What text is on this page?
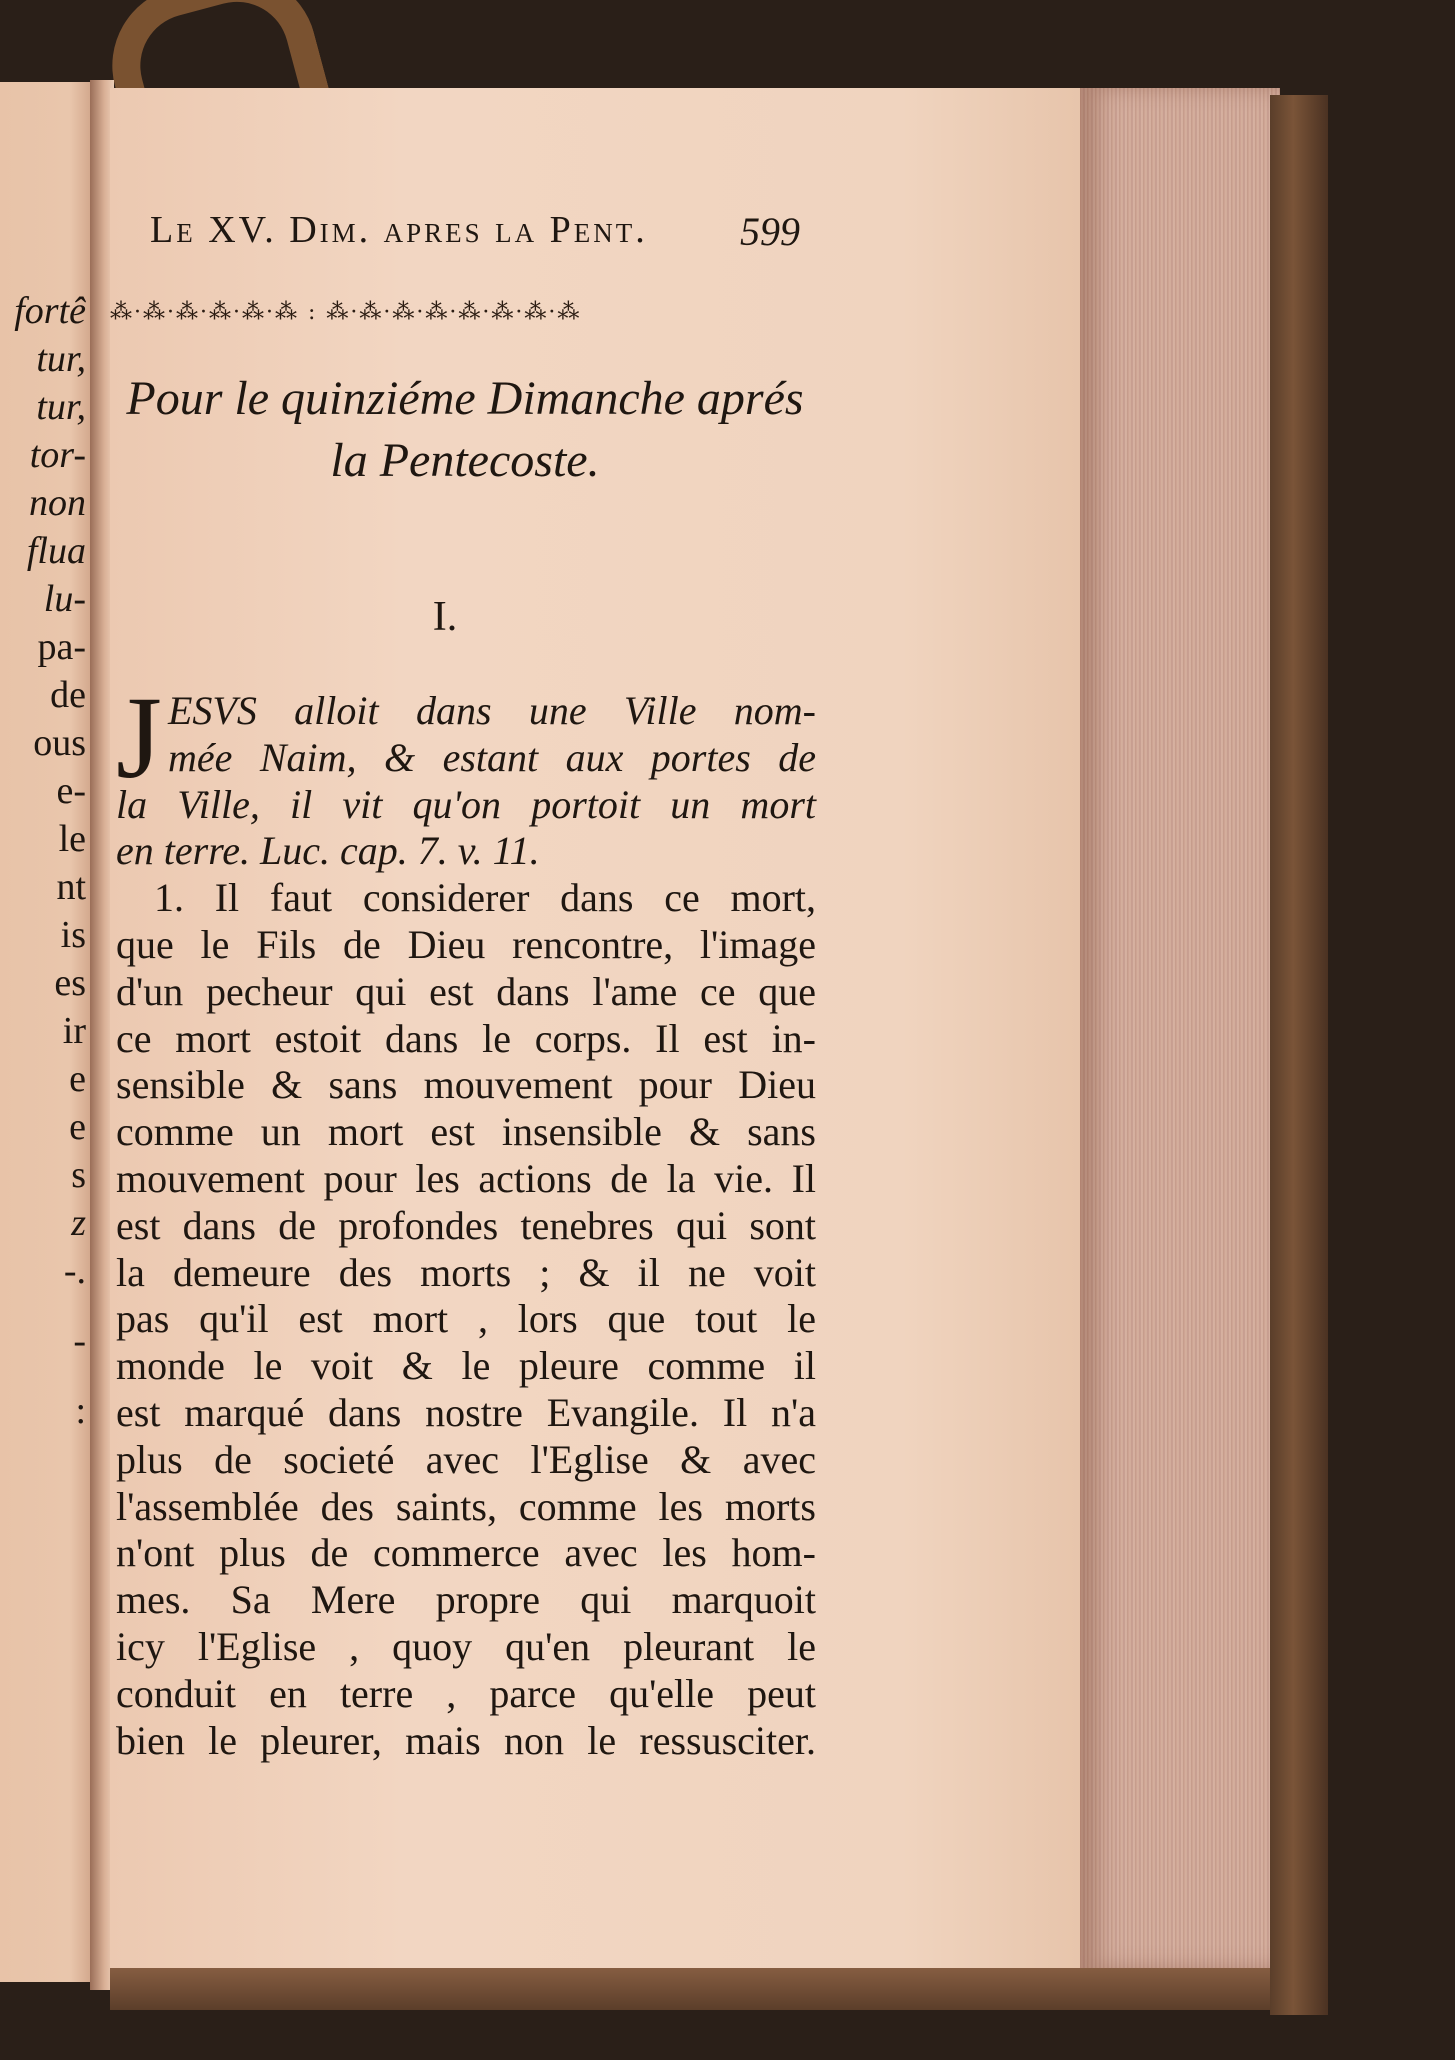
fortê
tur,
tur,
tor-
non
flua
lu-
pa-
de
ous
e-
le
nt
is
es
ir
e
e
s
z
-.
-
:
Le XV. Dim. apres la Pent.	599
⁂·⁂·⁂·⁂·⁂·⁂ : ⁂·⁂·⁂·⁂·⁂·⁂·⁂·⁂
Pour le quinziéme Dimanche aprés
la Pentecoste.
I.
J ESVS alloit dans une Ville nom-
mée Naim, & estant aux portes de
la Ville, il vit qu'on portoit un mort
en terre. Luc. cap. 7. v. 11.
1. Il faut considerer dans ce mort,
que le Fils de Dieu rencontre, l'image
d'un pecheur qui est dans l'ame ce que
ce mort estoit dans le corps. Il est in-
sensible & sans mouvement pour Dieu
comme un mort est insensible & sans
mouvement pour les actions de la vie. Il
est dans de profondes tenebres qui sont
la demeure des morts ; & il ne voit
pas qu'il est mort , lors que tout le
monde le voit & le pleure comme il
est marqué dans nostre Evangile. Il n'a
plus de societé avec l'Eglise & avec
l'assemblée des saints, comme les morts
n'ont plus de commerce avec les hom-
mes. Sa Mere propre qui marquoit
icy l'Eglise , quoy qu'en pleurant le
conduit en terre , parce qu'elle peut
bien le pleurer, mais non le ressusciter.
